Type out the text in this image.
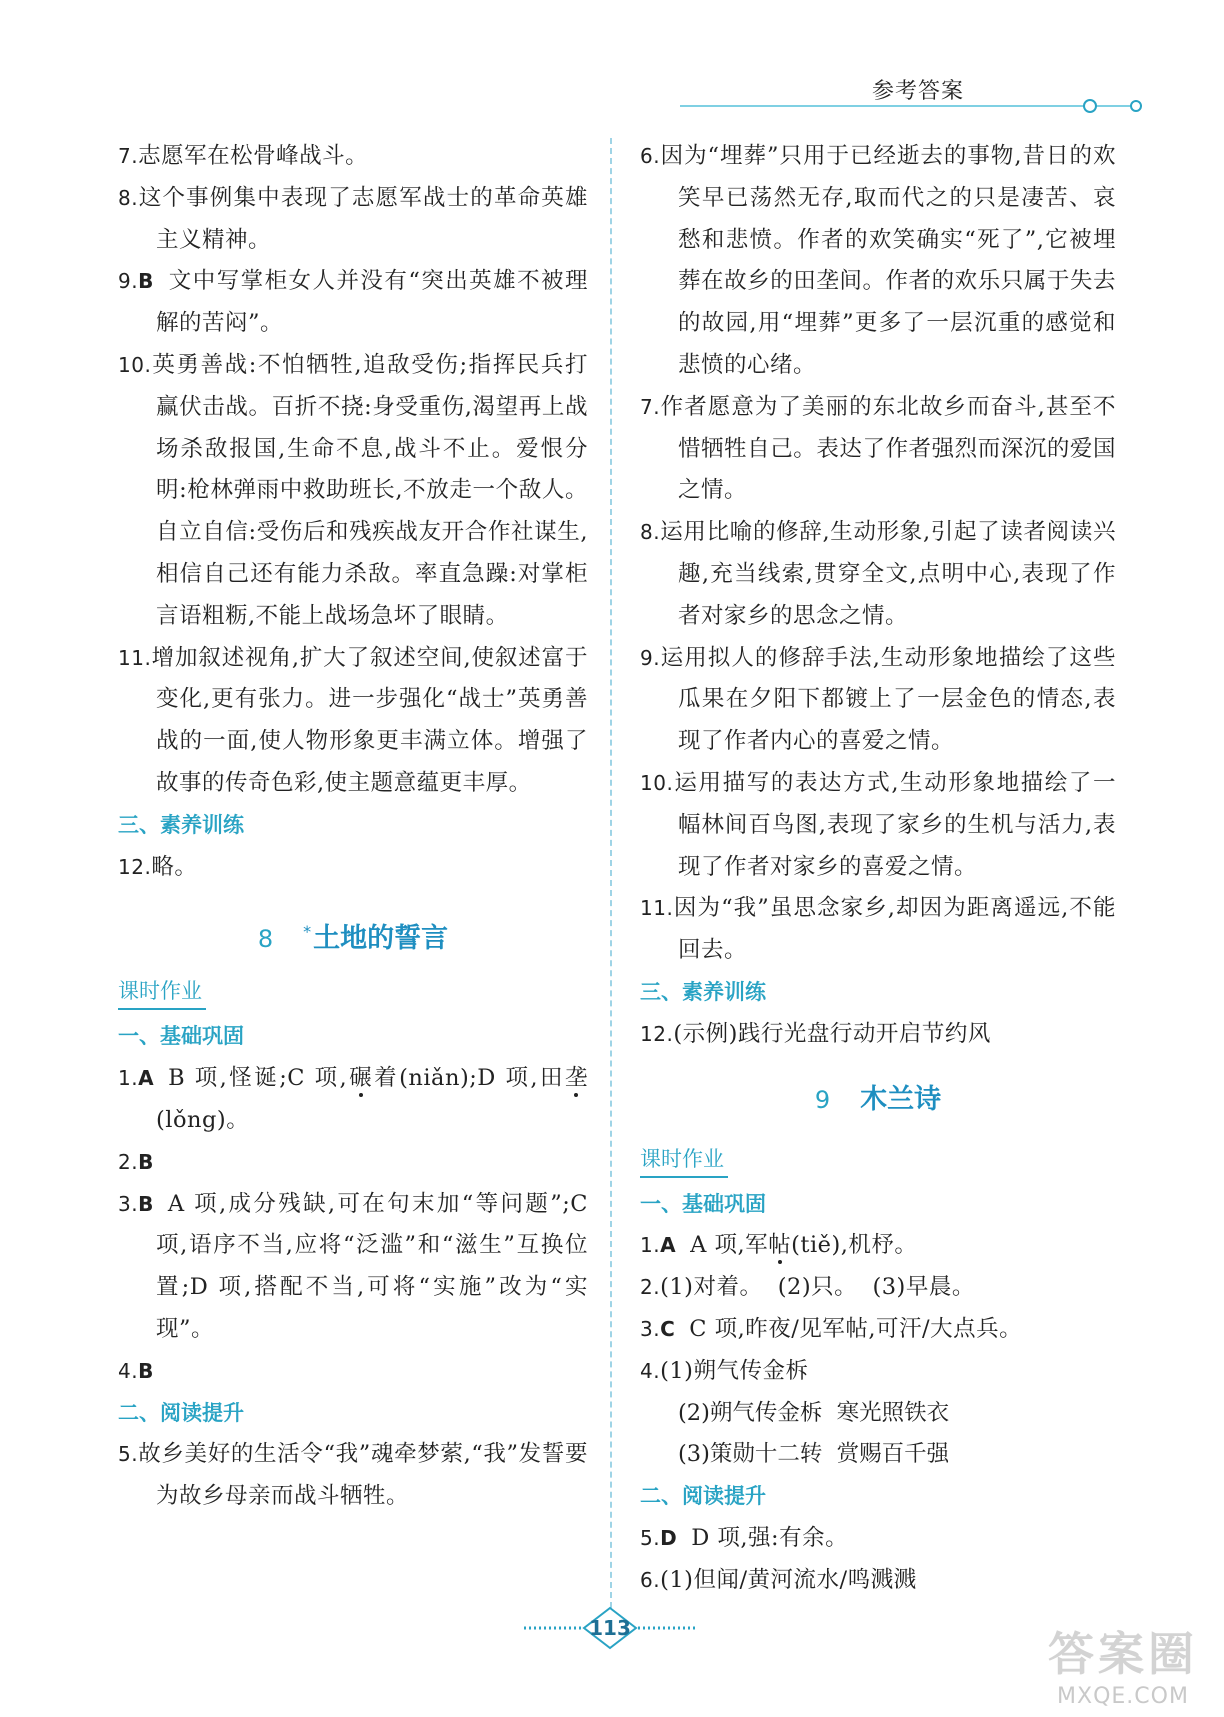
参考答案

7.志愿军在松骨峰战斗。

8.这个事例集中表现了志愿军战士的革命英雄主义精神。

9.B 文中写掌柜女人并没有“突出英雄不被理解的苦闷”。

10.英勇善战:不怕牺牲,追敌受伤;指挥民兵打赢伏击战。百折不挠:身受重伤,渴望再上战场杀敌报国,生命不息,战斗不止。爱恨分明:枪林弹雨中救助班长,不放走一个敌人。自立自信:受伤后和残疾战友开合作社谋生,相信自己还有能力杀敌。率直急躁:对掌柜言语粗粝,不能上战场急坏了眼睛。

11.增加叙述视角,扩大了叙述空间,使叙述富于变化,更有张力。进一步强化“战士”英勇善战的一面,使人物形象更丰满立体。增强了故事的传奇色彩,使主题意蕴更丰厚。

三、素养训练

12.略。

8 *土地的誓言
课时作业

一、基础巩固

1.A B 项,怪诞;C 项,碾着(niǎn);D 项,田垄(lǒng)。

2.B

3.B A 项,成分残缺,可在句末加“等问题”;C 项,语序不当,应将“泛滥”和“滋生”互换位置;D 项,搭配不当,可将“实施”改为“实现”。

4.B

二、阅读提升

5.故乡美好的生活令“我”魂牵梦萦,“我”发誓要为故乡母亲而战斗牺牲。

6.因为“埋葬”只用于已经逝去的事物,昔日的欢笑早已荡然无存,取而代之的只是凄苦、哀愁和悲愤。作者的欢笑确实“死了”,它被埋葬在故乡的田垄间。作者的欢乐只属于失去的故园,用“埋葬”更多了一层沉重的感觉和悲愤的心绪。

7.作者愿意为了美丽的东北故乡而奋斗,甚至不惜牺牲自己。表达了作者强烈而深沉的爱国之情。

8.运用比喻的修辞,生动形象,引起了读者阅读兴趣,充当线索,贯穿全文,点明中心,表现了作者对家乡的思念之情。

9.运用拟人的修辞手法,生动形象地描绘了这些瓜果在夕阳下都镀上了一层金色的情态,表现了作者内心的喜爱之情。

10.运用描写的表达方式,生动形象地描绘了一幅林间百鸟图,表现了家乡的生机与活力,表现了作者对家乡的喜爱之情。

11.因为“我”虽思念家乡,却因为距离遥远,不能回去。

三、素养训练

12.(示例)践行光盘行动开启节约风

9 木兰诗
课时作业

一、基础巩固

1.A A 项,军帖(tiě),机杼。

2.(1)对着。  (2)只。  (3)早晨。

3.C C 项,昨夜/见军帖,可汗/大点兵。

4.(1)朔气传金柝

(2)朔气传金柝  寒光照铁衣

(3)策勋十二转  赏赐百千强

二、阅读提升

5.D D 项,强:有余。

6.(1)但闻/黄河流水/鸣溅溅

113	答案圈
MXQE.COM
